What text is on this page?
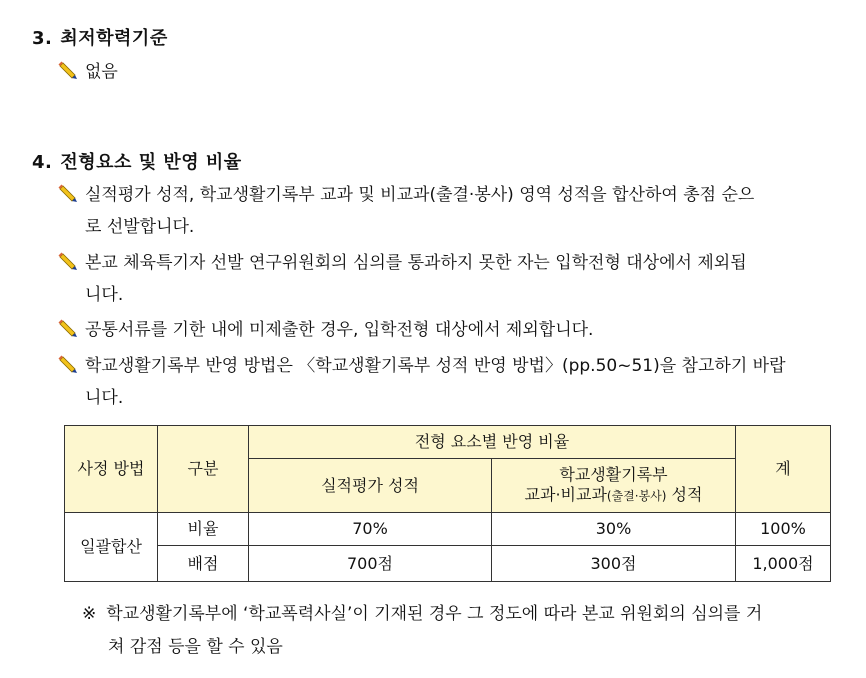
3. 최저학력기준
없음
4. 전형요소 및 반영 비율
실적평가 성적, 학교생활기록부 교과 및 비교과(출결·봉사) 영역 성적을 합산하여 총점 순으
로 선발합니다.
본교 체육특기자 선발 연구위원회의 심의를 통과하지 못한 자는 입학전형 대상에서 제외됩
니다.
공통서류를 기한 내에 미제출한 경우, 입학전형 대상에서 제외합니다.
학교생활기록부 반영 방법은 〈학교생활기록부 성적 반영 방법〉(pp.50~51)을 참고하기 바랍
니다.
사정 방법	구분	전형 요소별 반영 비율		계
		실적평가 성적	학교생활기록부
교과·비교과(출결·봉사) 성적	

일괄합산	비율	70%	30%	100%
	배점	700점	300점	1,000점
※ 학교생활기록부에 ‘학교폭력사실’이 기재된 경우 그 정도에 따라 본교 위원회의 심의를 거
쳐 감점 등을 할 수 있음
